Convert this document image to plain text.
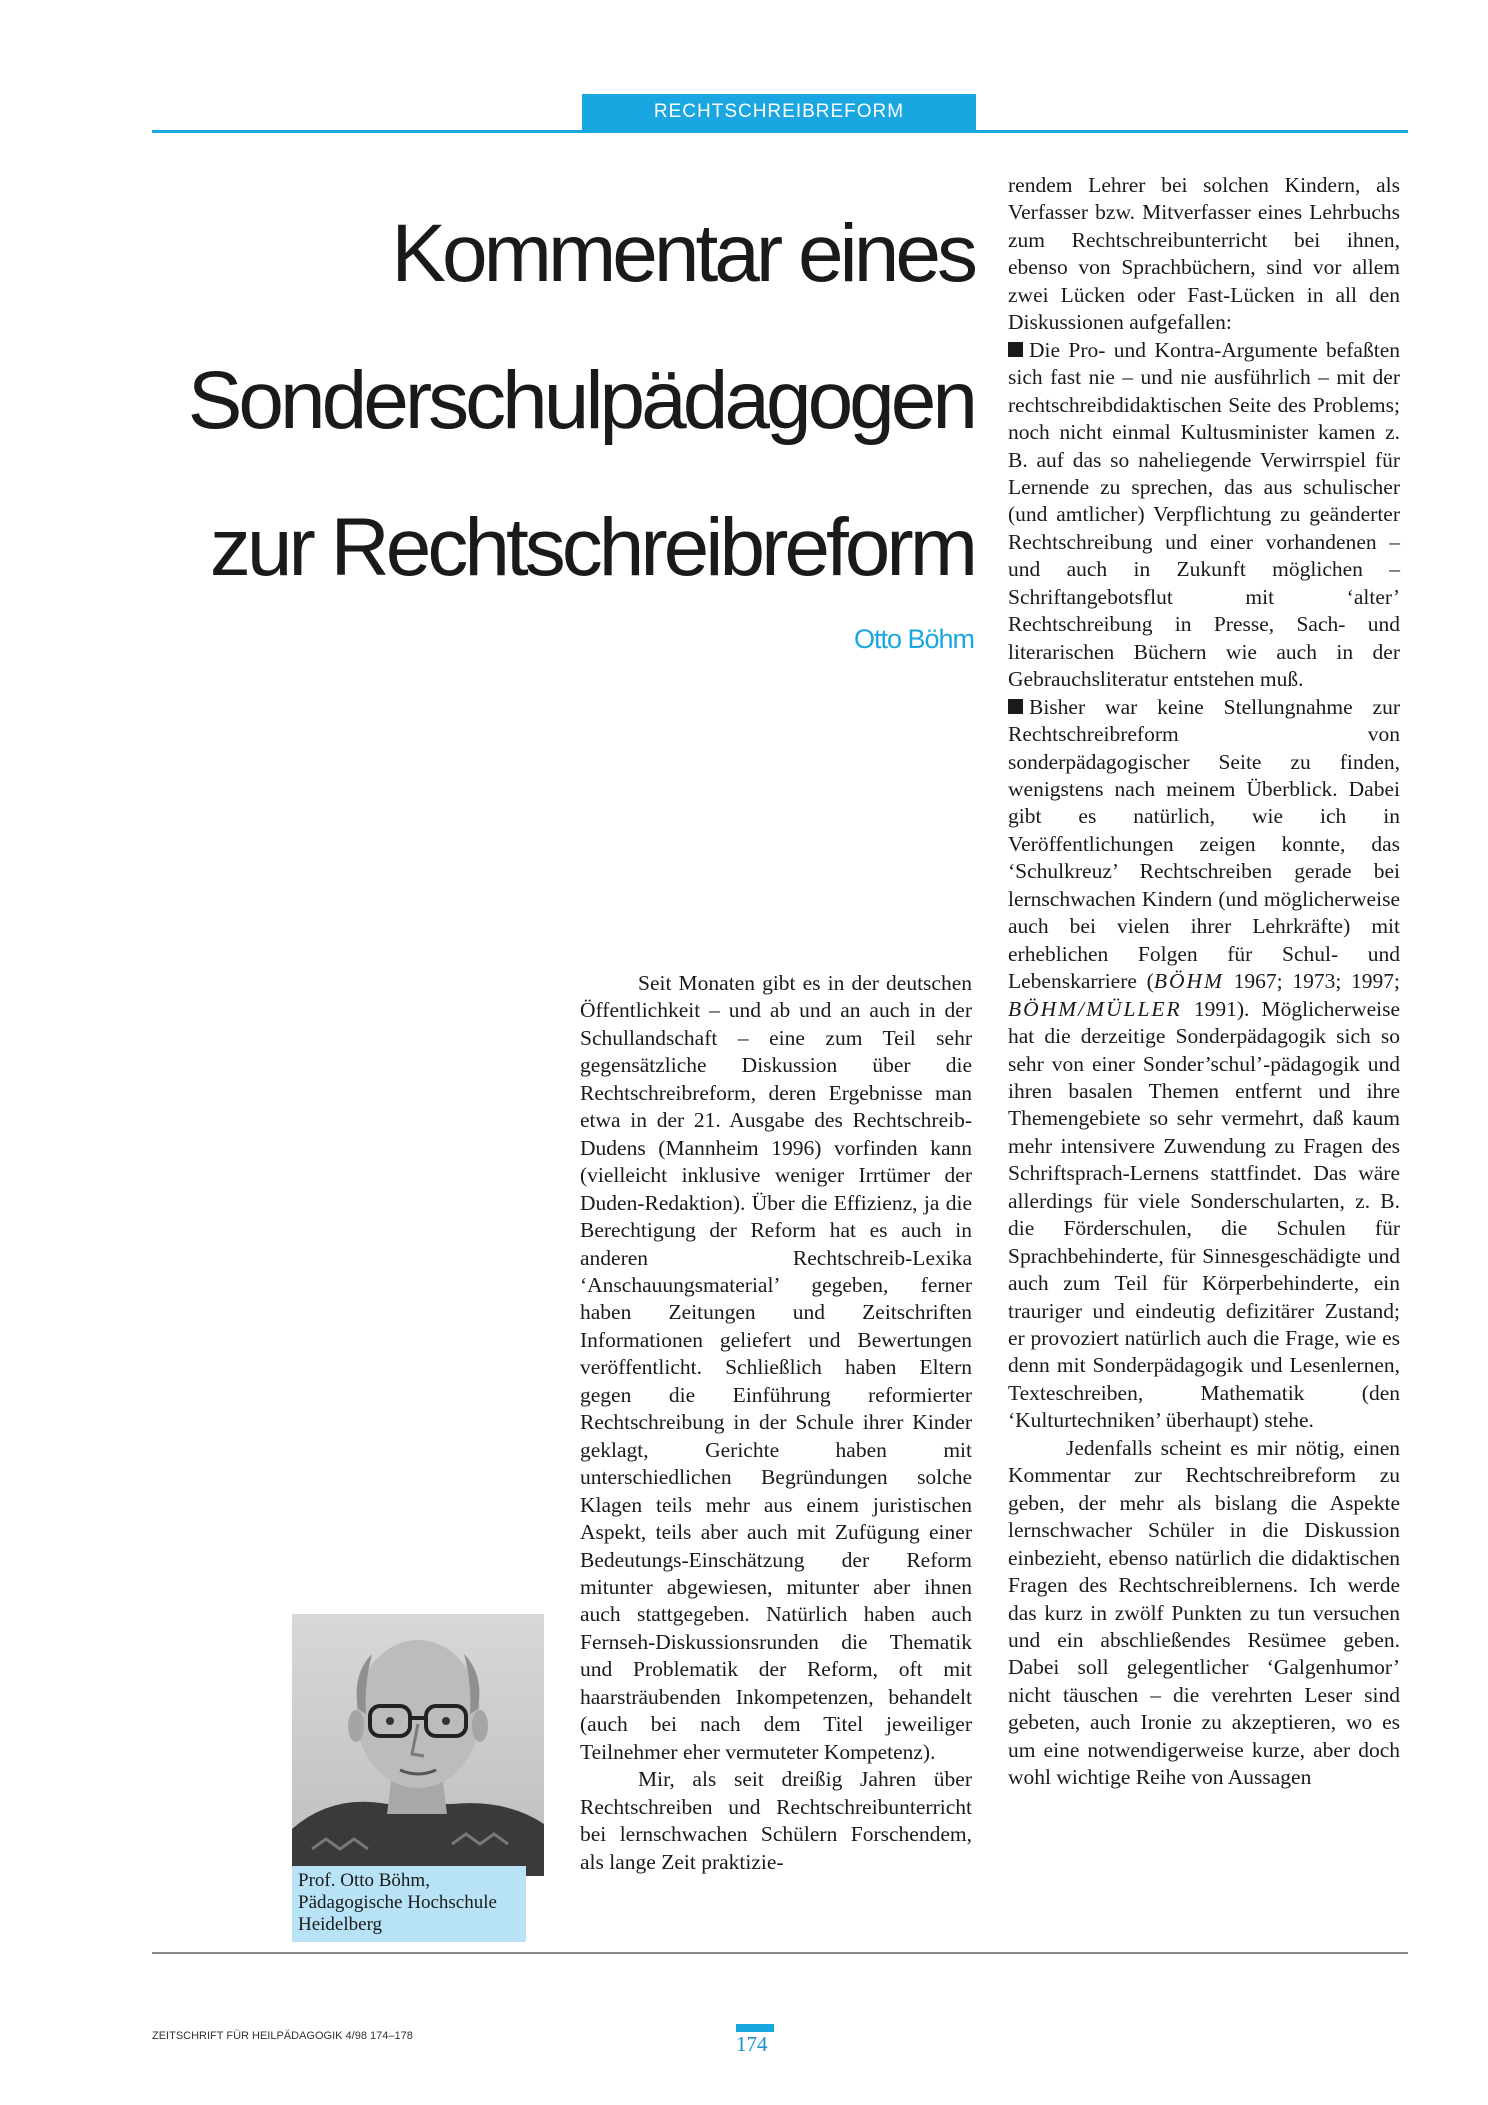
RECHTSCHREIBREFORM
Kommentar eines
Sonderschulpädagogen
zur Rechtschreibreform
Otto Böhm
Prof. Otto Böhm,
Pädagogische Hochschule
Heidelberg

Seit Monaten gibt es in der deutschen Öffentlichkeit – und ab und an auch in der Schullandschaft – eine zum Teil sehr gegensätzliche Diskussion über die Rechtschreibreform, deren Ergebnisse man etwa in der 21. Ausgabe des Rechtschreib-Dudens (Mannheim 1996) vorfinden kann (vielleicht inklusive weniger Irrtümer der Duden-Redaktion). Über die Effizienz, ja die Berechtigung der Reform hat es auch in anderen Rechtschreib-Lexika ‘Anschauungsmaterial’ gegeben, ferner haben Zeitungen und Zeitschriften Informationen geliefert und Bewertungen veröffentlicht. Schließlich haben Eltern gegen die Einführung reformierter Rechtschreibung in der Schule ihrer Kinder geklagt, Gerichte haben mit unterschiedlichen Begründungen solche Klagen teils mehr aus einem juristischen Aspekt, teils aber auch mit Zufügung einer Bedeutungs-Einschätzung der Reform mitunter abgewiesen, mitunter aber ihnen auch stattgegeben. Natürlich haben auch Fernseh-Diskussionsrunden die Thematik und Problematik der Reform, oft mit haarsträubenden Inkompetenzen, behandelt (auch bei nach dem Titel jeweiliger Teilnehmer eher vermuteter Kompetenz).

Mir, als seit dreißig Jahren über Rechtschreiben und Rechtschreibunterricht bei lernschwachen Schülern Forschendem, als lange Zeit praktizie-

rendem Lehrer bei solchen Kindern, als Verfasser bzw. Mitverfasser eines Lehrbuchs zum Rechtschreibunterricht bei ihnen, ebenso von Sprachbüchern, sind vor allem zwei Lücken oder Fast-Lücken in all den Diskussionen aufgefallen:

Die Pro- und Kontra-Argumente befaßten sich fast nie – und nie ausführlich – mit der rechtschreibdidaktischen Seite des Problems; noch nicht einmal Kultusminister kamen z. B. auf das so naheliegende Verwirrspiel für Lernende zu sprechen, das aus schulischer (und amtlicher) Verpflichtung zu geänderter Rechtschreibung und einer vorhandenen – und auch in Zukunft möglichen – Schriftangebotsflut mit ‘alter’ Rechtschreibung in Presse, Sach- und literarischen Büchern wie auch in der Gebrauchsliteratur entstehen muß.

Bisher war keine Stellungnahme zur Rechtschreibreform von sonderpädagogischer Seite zu finden, wenigstens nach meinem Überblick. Dabei gibt es natürlich, wie ich in Veröffentlichungen zeigen konnte, das ‘Schulkreuz’ Rechtschreiben gerade bei lernschwachen Kindern (und möglicherweise auch bei vielen ihrer Lehrkräfte) mit erheblichen Folgen für Schul- und Lebenskarriere (BÖHM 1967; 1973; 1997; BÖHM/MÜLLER 1991). Möglicherweise hat die derzeitige Sonderpädagogik sich so sehr von einer Sonder’schul’-pädagogik und ihren basalen Themen entfernt und ihre Themengebiete so sehr vermehrt, daß kaum mehr intensivere Zuwendung zu Fragen des Schriftsprach-Lernens stattfindet. Das wäre allerdings für viele Sonderschularten, z. B. die Förderschulen, die Schulen für Sprachbehinderte, für Sinnesgeschädigte und auch zum Teil für Körperbehinderte, ein trauriger und eindeutig defizitärer Zustand; er provoziert natürlich auch die Frage, wie es denn mit Sonderpädagogik und Lesenlernen, Texteschreiben, Mathematik (den ‘Kulturtechniken’ überhaupt) stehe.

Jedenfalls scheint es mir nötig, einen Kommentar zur Rechtschreibreform zu geben, der mehr als bislang die Aspekte lernschwacher Schüler in die Diskussion einbezieht, ebenso natürlich die didaktischen Fragen des Rechtschreiblernens. Ich werde das kurz in zwölf Punkten zu tun versuchen und ein abschließendes Resümee geben. Dabei soll gelegentlicher ‘Galgenhumor’ nicht täuschen – die verehrten Leser sind gebeten, auch Ironie zu akzeptieren, wo es um eine notwendigerweise kurze, aber doch wohl wichtige Reihe von Aussagen

ZEITSCHRIFT FÜR HEILPÄDAGOGIK 4/98 174–178	174
